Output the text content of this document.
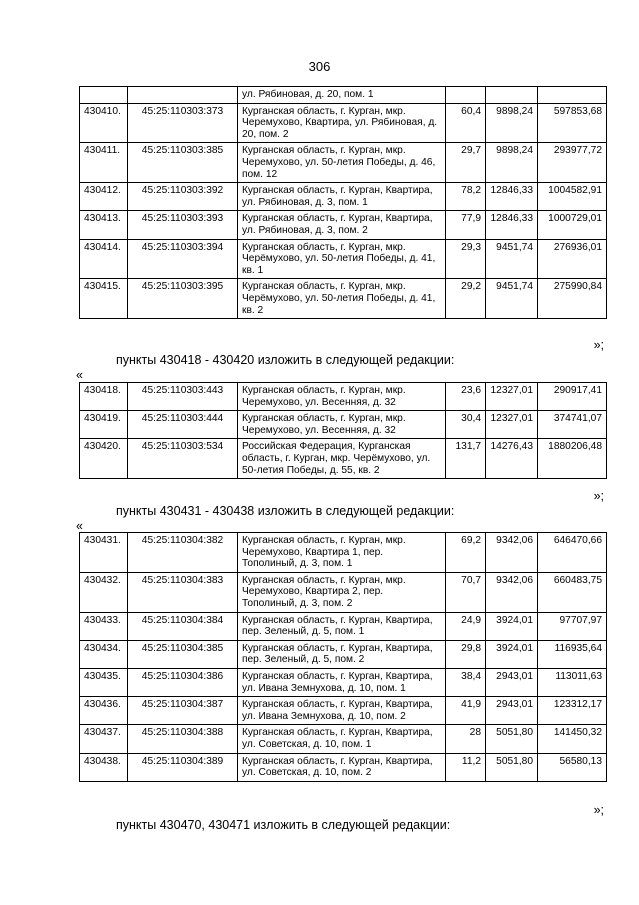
306
		ул. Рябиновая, д. 20, пом. 1			
430410.	45:25:110303:373	Курганская область, г. Курган, мкр. Черемухово, Квартира, ул. Рябиновая, д. 20, пом. 2	60,4	9898,24	597853,68
430411.	45:25:110303:385	Курганская область, г. Курган, мкр. Черемухово, ул. 50-летия Победы, д. 46, пом. 12	29,7	9898,24	293977,72
430412.	45:25:110303:392	Курганская область, г. Курган, Квартира, ул. Рябиновая, д. 3, пом. 1	78,2	12846,33	1004582,91
430413.	45:25:110303:393	Курганская область, г. Курган, Квартира, ул. Рябиновая, д. 3, пом. 2	77,9	12846,33	1000729,01
430414.	45:25:110303:394	Курганская область, г. Курган, мкр. Черёмухово, ул. 50-летия Победы, д. 41, кв. 1	29,3	9451,74	276936,01
430415.	45:25:110303:395	Курганская область, г. Курган, мкр. Черёмухово, ул. 50-летия Победы, д. 41, кв. 2	29,2	9451,74	275990,84
»;
пункты 430418 - 430420 изложить в следующей редакции:
«
430418.	45:25:110303:443	Курганская область, г. Курган, мкр. Черемухово, ул. Весенняя, д. 32	23,6	12327,01	290917,41
430419.	45:25:110303:444	Курганская область, г. Курган, мкр. Черемухово, ул. Весенняя, д. 32	30,4	12327,01	374741,07
430420.	45:25:110303:534	Российская Федерация, Курганская область, г. Курган, мкр. Черёмухово, ул. 50-летия Победы, д. 55, кв. 2	131,7	14276,43	1880206,48
»;
пункты 430431 - 430438 изложить в следующей редакции:
«
430431.	45:25:110304:382	Курганская область, г. Курган, мкр. Черемухово, Квартира 1, пер. Тополиный, д. 3, пом. 1	69,2	9342,06	646470,66
430432.	45:25:110304:383	Курганская область, г. Курган, мкр. Черемухово, Квартира 2, пер. Тополиный, д. 3, пом. 2	70,7	9342,06	660483,75
430433.	45:25:110304:384	Курганская область, г. Курган, Квартира, пер. Зеленый, д. 5, пом. 1	24,9	3924,01	97707,97
430434.	45:25:110304:385	Курганская область, г. Курган, Квартира, пер. Зеленый, д. 5, пом. 2	29,8	3924,01	116935,64
430435.	45:25:110304:386	Курганская область, г. Курган, Квартира, ул. Ивана Земнухова, д. 10, пом. 1	38,4	2943,01	113011,63
430436.	45:25:110304:387	Курганская область, г. Курган, Квартира, ул. Ивана Земнухова, д. 10, пом. 2	41,9	2943,01	123312,17
430437.	45:25:110304:388	Курганская область, г. Курган, Квартира, ул. Советская, д. 10, пом. 1	28	5051,80	141450,32
430438.	45:25:110304:389	Курганская область, г. Курган, Квартира, ул. Советская, д. 10, пом. 2	11,2	5051,80	56580,13
»;
пункты 430470, 430471 изложить в следующей редакции:
